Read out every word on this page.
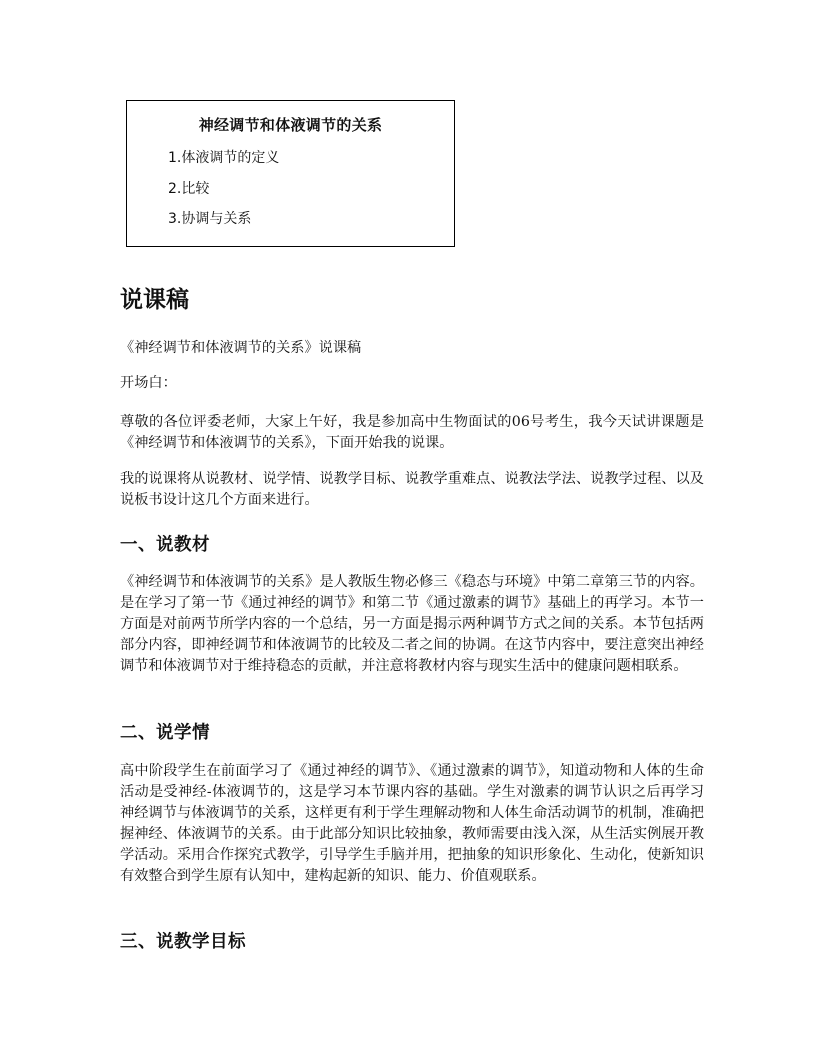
神经调节和体液调节的关系
1.体液调节的定义
2.比较
3.协调与关系
说课稿

《神经调节和体液调节的关系》说课稿

开场白：

尊敬的各位评委老师，大家上午好，我是参加高中生物面试的06号考生，我今天试讲课题是《神经调节和体液调节的关系》，下面开始我的说课。

我的说课将从说教材、说学情、说教学目标、说教学重难点、说教法学法、说教学过程、以及说板书设计这几个方面来进行。

一、说教材

《神经调节和体液调节的关系》是人教版生物必修三《稳态与环境》中第二章第三节的内容。是在学习了第一节《通过神经的调节》和第二节《通过激素的调节》基础上的再学习。本节一方面是对前两节所学内容的一个总结，另一方面是揭示两种调节方式之间的关系。本节包括两部分内容，即神经调节和体液调节的比较及二者之间的协调。在这节内容中，要注意突出神经调节和体液调节对于维持稳态的贡献，并注意将教材内容与现实生活中的健康问题相联系。

二、说学情

高中阶段学生在前面学习了《通过神经的调节》、《通过激素的调节》，知道动物和人体的生命活动是受神经-体液调节的，这是学习本节课内容的基础。学生对激素的调节认识之后再学习神经调节与体液调节的关系，这样更有利于学生理解动物和人体生命活动调节的机制，准确把握神经、体液调节的关系。由于此部分知识比较抽象，教师需要由浅入深，从生活实例展开教学活动。采用合作探究式教学，引导学生手脑并用，把抽象的知识形象化、生动化，使新知识有效整合到学生原有认知中，建构起新的知识、能力、价值观联系。

三、说教学目标
